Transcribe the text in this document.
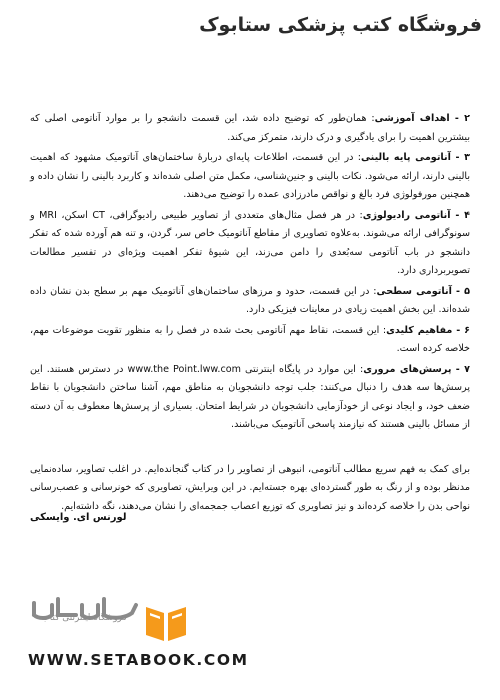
فروشگاه کتب پزشکی ستابوک

۲ - اهداف آموزشی: همان‌طور که توضیح داده شد، این قسمت دانشجو را بر موارد آناتومی اصلی که بیشترین اهمیت را برای یادگیری و درک دارند، متمرکز می‌کند.

۳ - آناتومی پایه بالینی: در این قسمت، اطلاعات پایه‌ای دربارهٔ ساختمان‌های آناتومیک مشهود که اهمیت بالینی دارند، ارائه می‌شود. نکات بالینی و جنین‌شناسی، مکمل متن اصلی شده‌اند و کاربرد بالینی را نشان داده و همچنین مورفولوژی فرد بالغ و نواقص مادرزادی عمده را توضیح می‌دهند.

۴ - آناتومی رادیولوژی: در هر فصل مثال‌های متعددی از تصاویر طبیعی رادیوگرافی، CT اسکن، MRI و سونوگرافی ارائه می‌شوند. به‌علاوه تصاویری از مقاطع آناتومیک خاص سر، گردن، و تنه هم آورده شده که تفکر دانشجو در باب آناتومی سه‌بُعدی را دامن می‌زند، این شیوهٔ تفکر اهمیت ویژه‌ای در تفسیر مطالعات تصویربرداری دارد.

۵ - آناتومی سطحی: در این قسمت، حدود و مرزهای ساختمان‌های آناتومیک مهم بر سطح بدن نشان داده شده‌اند. این بخش اهمیت زیادی در معاینات فیزیکی دارد.

۶ - مفاهیم کلیدی: این قسمت، نقاط مهم آناتومی بحث شده در فصل را به منظور تقویت موضوعات مهم، خلاصه کرده است.

۷ - پرسش‌های مروری: این موارد در پایگاه اینترنتی www.the Point.lww.com در دسترس هستند. این پرسش‌ها سه هدف را دنبال می‌کنند: جلب توجه دانشجویان به مناطق مهم، آشنا ساختن دانشجویان با نقاط ضعف خود، و ایجاد نوعی از خودآزمایی دانشجویان در شرایط امتحان. بسیاری از پرسش‌ها معطوف به آن دسته از مسائل بالینی هستند که نیازمند پاسخی آناتومیک می‌باشند.

برای کمک به فهم سریع مطالب آناتومی، انبوهی از تصاویر را در کتاب گنجانده‌ایم. در اغلب تصاویر، ساده‌نمایی مدنظر بوده و از رنگ به طور گسترده‌ای بهره جسته‌ایم. در این ویرایش، تصاویری که خونرسانی و عصب‌رسانی نواحی بدن را خلاصه کرده‌اند و نیز تصاویری که توزیع اعصاب جمجمه‌ای را نشان می‌دهند، نگه داشته‌ایم.

لورنس ای. وایسکی
فروشگاه اینترنتی کتاب
WWW.SETABOOK.COM
